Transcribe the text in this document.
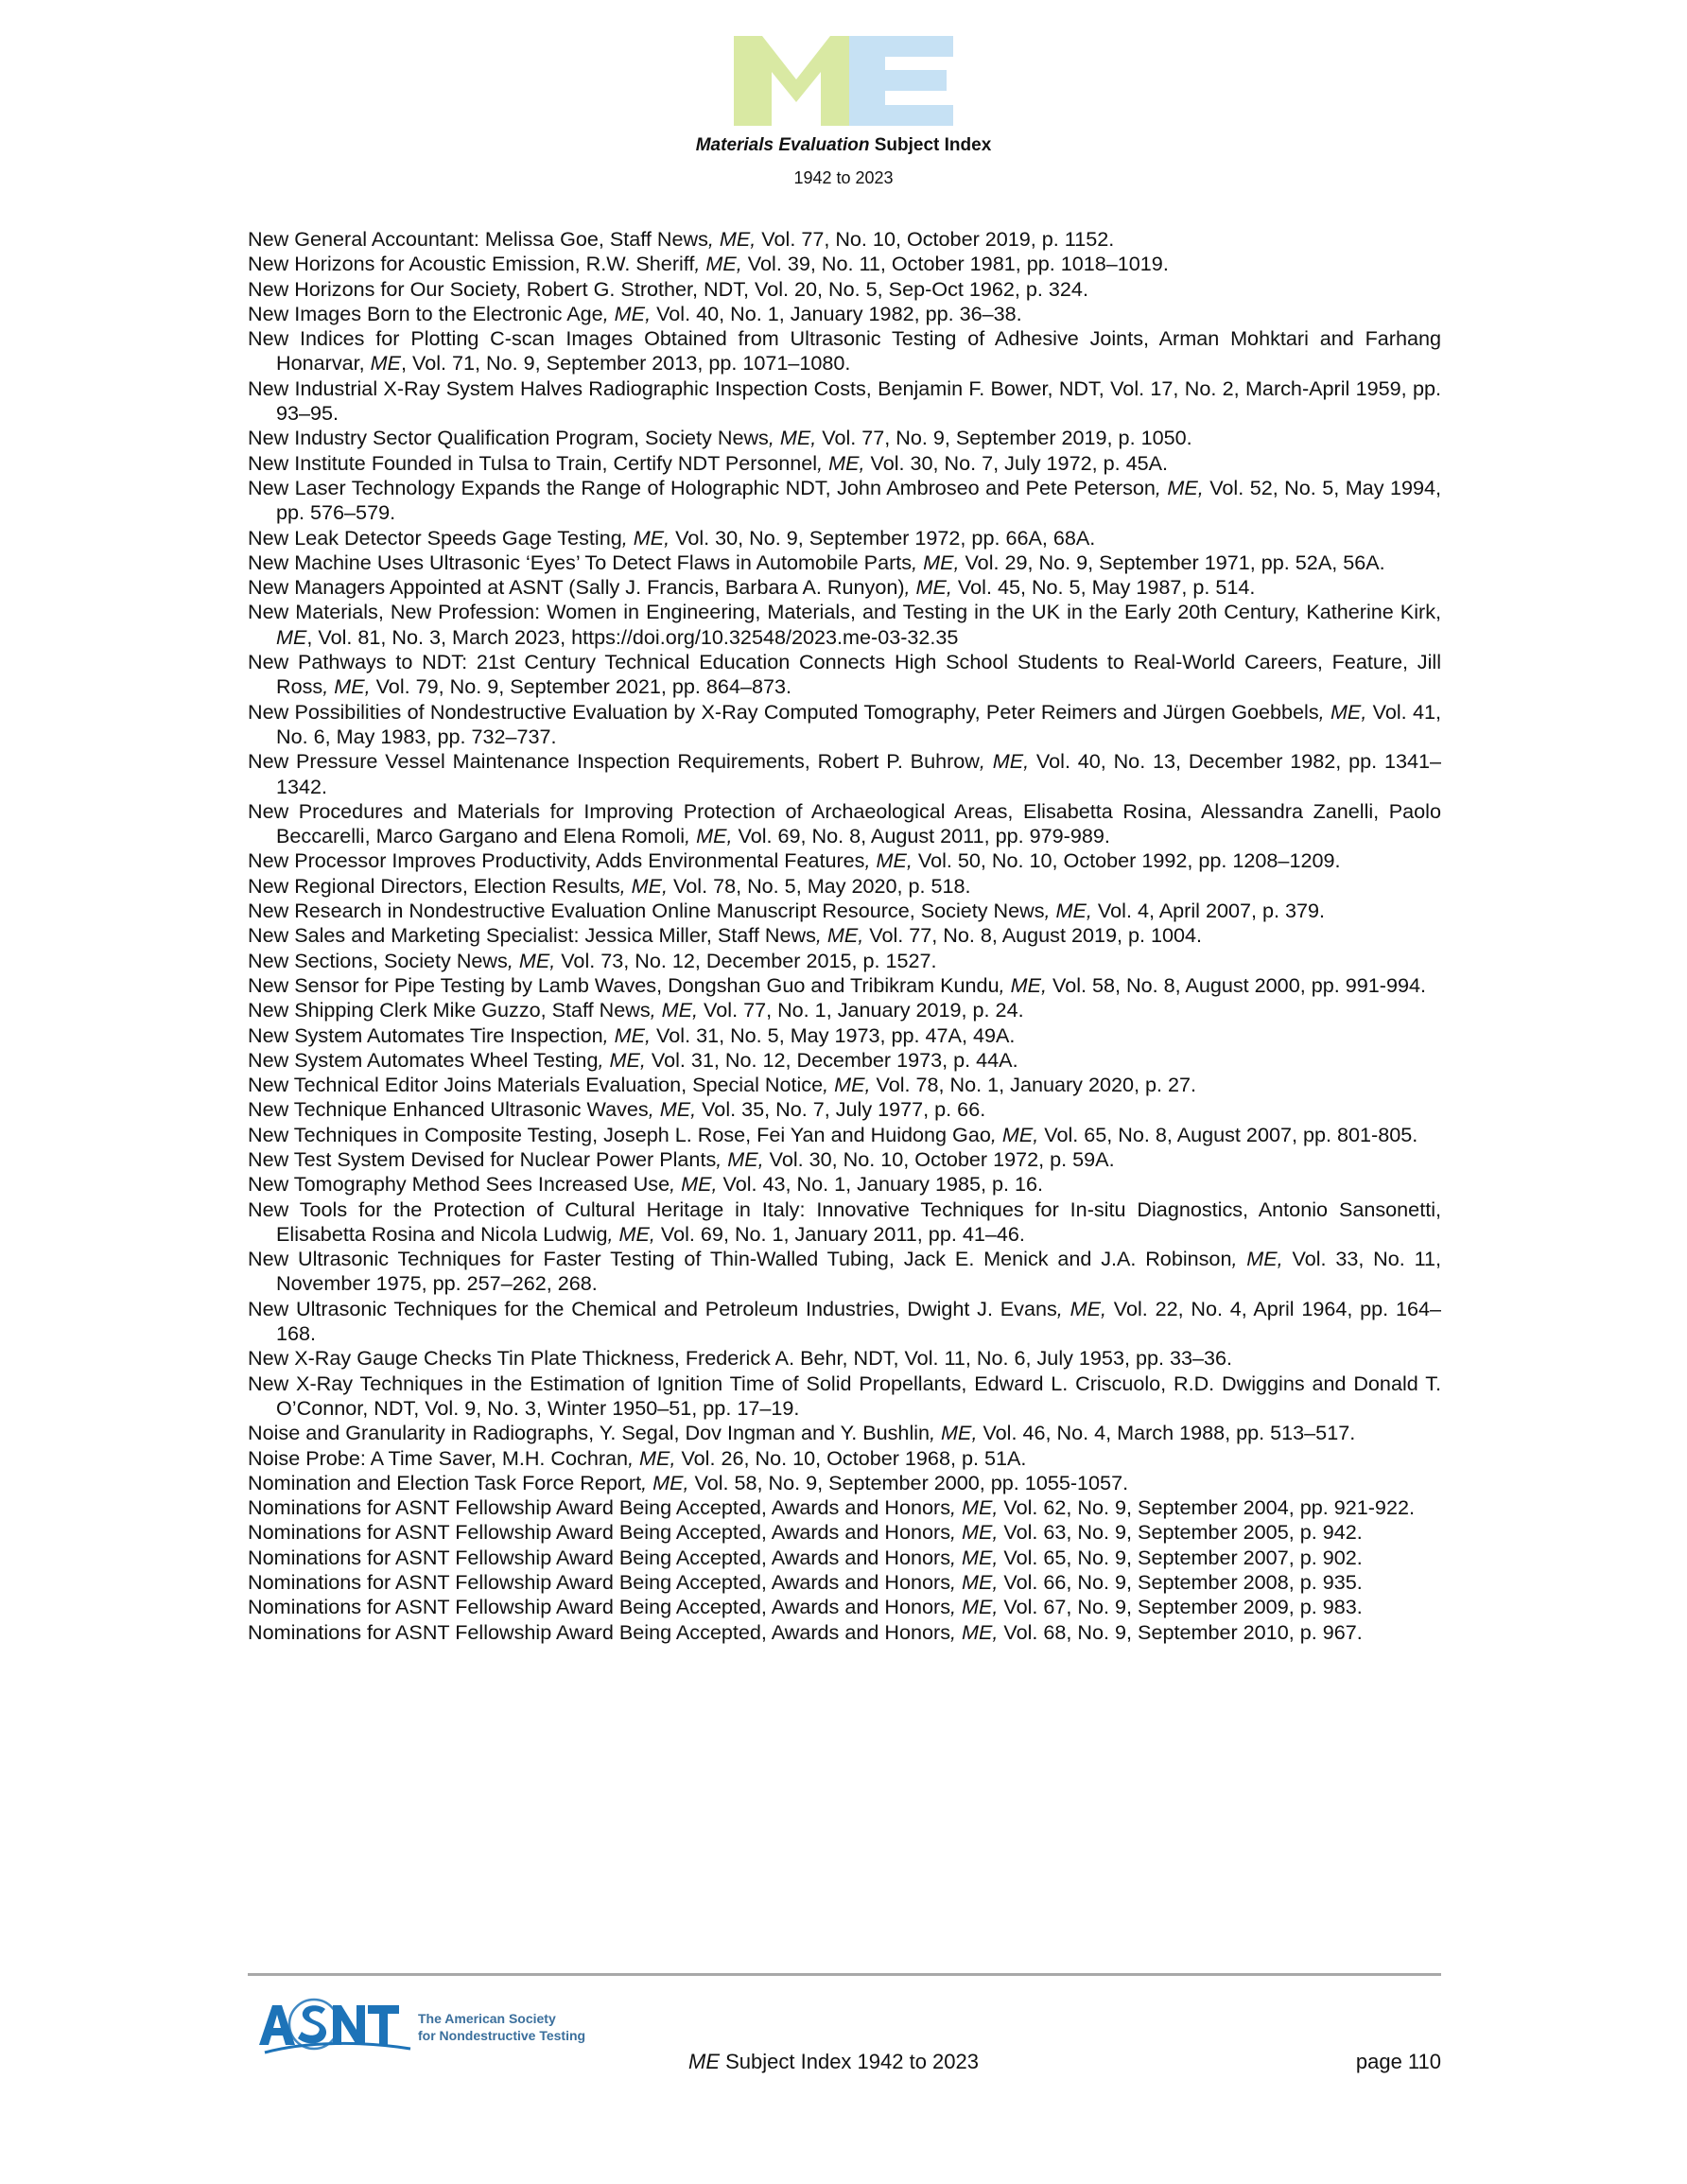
Materials Evaluation Subject Index
1942 to 2023
New General Accountant: Melissa Goe, Staff News, ME, Vol. 77, No. 10, October 2019, p. 1152.
New Horizons for Acoustic Emission, R.W. Sheriff, ME, Vol. 39, No. 11, October 1981, pp. 1018–1019.
New Horizons for Our Society, Robert G. Strother, NDT, Vol. 20, No. 5, Sep-Oct 1962, p. 324.
New Images Born to the Electronic Age, ME, Vol. 40, No. 1, January 1982, pp. 36–38.
New Indices for Plotting C-scan Images Obtained from Ultrasonic Testing of Adhesive Joints, Arman Mohktari and Farhang Honarvar, ME, Vol. 71, No. 9, September 2013, pp. 1071–1080.
New Industrial X-Ray System Halves Radiographic Inspection Costs, Benjamin F. Bower, NDT, Vol. 17, No. 2, March-April 1959, pp. 93–95.
New Industry Sector Qualification Program, Society News, ME, Vol. 77, No. 9, September 2019, p. 1050.
New Institute Founded in Tulsa to Train, Certify NDT Personnel, ME, Vol. 30, No. 7, July 1972, p. 45A.
New Laser Technology Expands the Range of Holographic NDT, John Ambroseo and Pete Peterson, ME, Vol. 52, No. 5, May 1994, pp. 576–579.
New Leak Detector Speeds Gage Testing, ME, Vol. 30, No. 9, September 1972, pp. 66A, 68A.
New Machine Uses Ultrasonic ‘Eyes’ To Detect Flaws in Automobile Parts, ME, Vol. 29, No. 9, September 1971, pp. 52A, 56A.
New Managers Appointed at ASNT (Sally J. Francis, Barbara A. Runyon), ME, Vol. 45, No. 5, May 1987, p. 514.
New Materials, New Profession: Women in Engineering, Materials, and Testing in the UK in the Early 20th Century, Katherine Kirk, ME, Vol. 81, No. 3, March 2023, https://doi.org/10.32548/2023.me-03-32.35
New Pathways to NDT: 21st Century Technical Education Connects High School Students to Real-World Careers, Feature, Jill Ross, ME, Vol. 79, No. 9, September 2021, pp. 864–873.
New Possibilities of Nondestructive Evaluation by X-Ray Computed Tomography, Peter Reimers and Jürgen Goebbels, ME, Vol. 41, No. 6, May 1983, pp. 732–737.
New Pressure Vessel Maintenance Inspection Requirements, Robert P. Buhrow, ME, Vol. 40, No. 13, December 1982, pp. 1341–1342.
New Procedures and Materials for Improving Protection of Archaeological Areas, Elisabetta Rosina, Alessandra Zanelli, Paolo Beccarelli, Marco Gargano and Elena Romoli, ME, Vol. 69, No. 8, August 2011, pp. 979-989.
New Processor Improves Productivity, Adds Environmental Features, ME, Vol. 50, No. 10, October 1992, pp. 1208–1209.
New Regional Directors, Election Results, ME, Vol. 78, No. 5, May 2020, p. 518.
New Research in Nondestructive Evaluation Online Manuscript Resource, Society News, ME, Vol. 4, April 2007, p. 379.
New Sales and Marketing Specialist: Jessica Miller, Staff News, ME, Vol. 77, No. 8, August 2019, p. 1004.
New Sections, Society News, ME, Vol. 73, No. 12, December 2015, p. 1527.
New Sensor for Pipe Testing by Lamb Waves, Dongshan Guo and Tribikram Kundu, ME, Vol. 58, No. 8, August 2000, pp. 991-994.
New Shipping Clerk Mike Guzzo, Staff News, ME, Vol. 77, No. 1, January 2019, p. 24.
New System Automates Tire Inspection, ME, Vol. 31, No. 5, May 1973, pp. 47A, 49A.
New System Automates Wheel Testing, ME, Vol. 31, No. 12, December 1973, p. 44A.
New Technical Editor Joins Materials Evaluation, Special Notice, ME, Vol. 78, No. 1, January 2020, p. 27.
New Technique Enhanced Ultrasonic Waves, ME, Vol. 35, No. 7, July 1977, p. 66.
New Techniques in Composite Testing, Joseph L. Rose, Fei Yan and Huidong Gao, ME, Vol. 65, No. 8, August 2007, pp. 801-805.
New Test System Devised for Nuclear Power Plants, ME, Vol. 30, No. 10, October 1972, p. 59A.
New Tomography Method Sees Increased Use, ME, Vol. 43, No. 1, January 1985, p. 16.
New Tools for the Protection of Cultural Heritage in Italy: Innovative Techniques for In-situ Diagnostics, Antonio Sansonetti, Elisabetta Rosina and Nicola Ludwig, ME, Vol. 69, No. 1, January 2011, pp. 41–46.
New Ultrasonic Techniques for Faster Testing of Thin-Walled Tubing, Jack E. Menick and J.A. Robinson, ME, Vol. 33, No. 11, November 1975, pp. 257–262, 268.
New Ultrasonic Techniques for the Chemical and Petroleum Industries, Dwight J. Evans, ME, Vol. 22, No. 4, April 1964, pp. 164–168.
New X-Ray Gauge Checks Tin Plate Thickness, Frederick A. Behr, NDT, Vol. 11, No. 6, July 1953, pp. 33–36.
New X-Ray Techniques in the Estimation of Ignition Time of Solid Propellants, Edward L. Criscuolo, R.D. Dwiggins and Donald T. O’Connor, NDT, Vol. 9, No. 3, Winter 1950–51, pp. 17–19.
Noise and Granularity in Radiographs, Y. Segal, Dov Ingman and Y. Bushlin, ME, Vol. 46, No. 4, March 1988, pp. 513–517.
Noise Probe: A Time Saver, M.H. Cochran, ME, Vol. 26, No. 10, October 1968, p. 51A.
Nomination and Election Task Force Report, ME, Vol. 58, No. 9, September 2000, pp. 1055-1057.
Nominations for ASNT Fellowship Award Being Accepted, Awards and Honors, ME, Vol. 62, No. 9, September 2004, pp. 921-922.
Nominations for ASNT Fellowship Award Being Accepted, Awards and Honors, ME, Vol. 63, No. 9, September 2005, p. 942.
Nominations for ASNT Fellowship Award Being Accepted, Awards and Honors, ME, Vol. 65, No. 9, September 2007, p. 902.
Nominations for ASNT Fellowship Award Being Accepted, Awards and Honors, ME, Vol. 66, No. 9, September 2008, p. 935.
Nominations for ASNT Fellowship Award Being Accepted, Awards and Honors, ME, Vol. 67, No. 9, September 2009, p. 983.
Nominations for ASNT Fellowship Award Being Accepted, Awards and Honors, ME, Vol. 68, No. 9, September 2010, p. 967.
The American Society
for Nondestructive Testing
ME Subject Index 1942 to 2023	page 110
